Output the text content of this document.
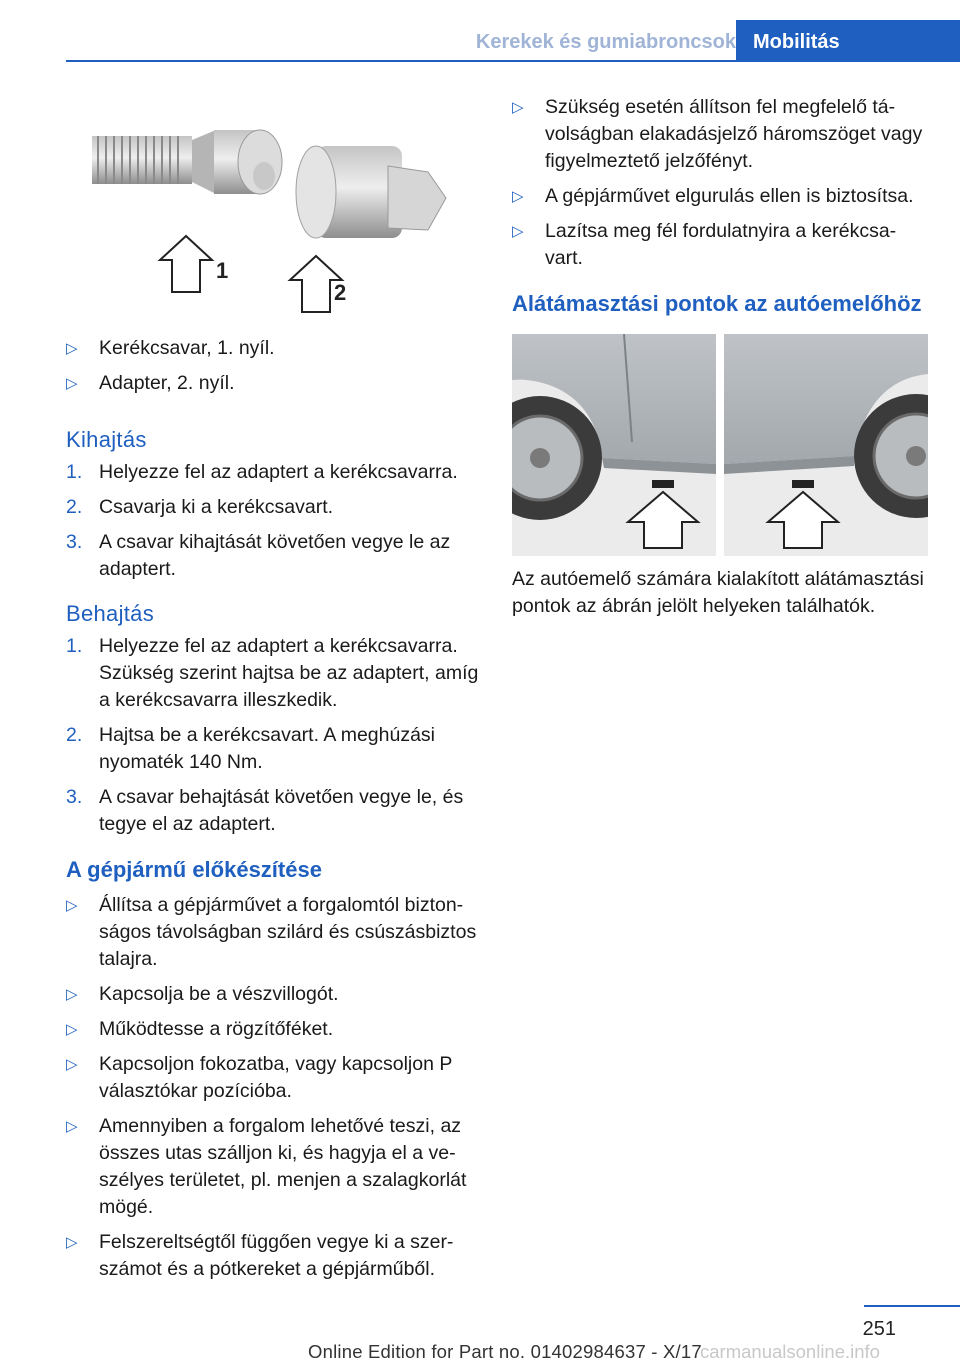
Kerekek és gumiabroncsok Mobilitás
1
2
▷ Kerékcsavar, 1. nyíl.
▷ Adapter, 2. nyíl.
Kihajtás
1. Helyezze fel az adaptert a kerékcsavarra.
2. Csavarja ki a kerékcsavart.
3. A csavar kihajtását követően vegye le az adaptert.
Behajtás
1. Helyezze fel az adaptert a kerékcsavarra. Szükség szerint hajtsa be az adaptert, amíg a kerékcsavarra illeszkedik.
2. Hajtsa be a kerékcsavart. A meghúzási nyomaték 140 Nm.
3. A csavar behajtását követően vegye le, és tegye el az adaptert.
A gépjármű előkészítése
▷ Állítsa a gépjárművet a forgalomtól bizton-ságos távolságban szilárd és csúszásbiztos talajra.
▷ Kapcsolja be a vészvillogót.
▷ Működtesse a rögzítőféket.
▷ Kapcsoljon fokozatba, vagy kapcsoljon P választókar pozícióba.
▷ Amennyiben a forgalom lehetővé teszi, az összes utas szálljon ki, és hagyja el a ve-szélyes területet, pl. menjen a szalagkorlát mögé.
▷ Felszereltségtől függően vegye ki a szer-számot és a pótkereket a gépjárműből.
▷ Szükség esetén állítson fel megfelelő tá-volságban elakadásjelző háromszöget vagy figyelmeztető jelzőfényt.
▷ A gépjárművet elgurulás ellen is biztosítsa.
▷ Lazítsa meg fél fordulatnyira a kerékcsa-vart.
Alátámasztási pontok az autóemelőhöz
Az autóemelő számára kialakított alátámasztási pontok az ábrán jelölt helyeken találhatók.
251
Online Edition for Part no. 01402984637 - X/17
carmanualsonline.info
